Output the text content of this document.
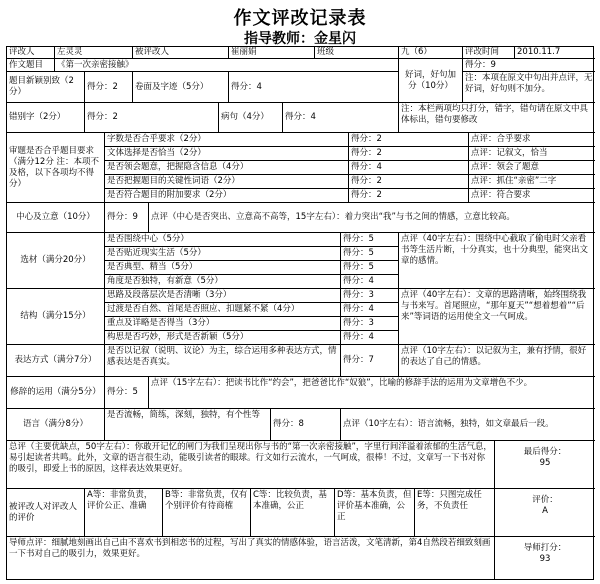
作文评改记录表
指导教师：金星闪
评改人	左灵灵	被评改人	崔丽娟	班级	九（6）	评改时间	2010.11.7
作文题目	《第一次亲密接触》
好词，好句加分（10分）
得分：9
注：本项在原文中句出并点评，无好词，好句则不加分。
题目新颖别致（2分）
得分：2	卷面及字迹（5分）	得分：4
错别字（2分）	得分：2	病句（4分）	得分：4
注：本栏两项均只打分，错字，错句请在原文中具体标出，错句要修改
审题是否合乎题目要求（满分12分 注：本项不及格，以下各项均不得分）
字数是否合乎要求（2分）	得分：2	点评：合乎要求
文体选择是否恰当（2分）	得分：2	点评：记叙文，恰当
是否领会题意，把握隐含信息（4分）	得分：4	点评：领会了题意
是否把握题目的关键性词语（2分）	得分：2	点评：抓住“亲密”二字
是否符合题目的附加要求（2分）	得分：2	点评：符合要求
中心及立意（10分）	得分：9	点评（中心是否突出、立意高不高等，15字左右）：着力突出“我”与书之间的情感，立意比较高。
选材（满分20分）
是否围绕中心（5分）	得分：5
是否贴近现实生活（5分）	得分：5
是否典型、精当（5分）	得分：5
角度是否独特，有新意（5分）	得分：4
点评（40字左右）：围绕中心截取了偷电时父亲看书等生活片断，十分真实，也十分典型，能突出文章的感情。
结构（满分15分）
思路及段落层次是否清晰（3分）	得分：3
过渡是否自然、首尾是否照应、扣题紧不紧（4分）	得分：4
重点及详略是否得当（3分）	得分：3
构思是否巧妙，形式是否新颖（5分）	得分：4
点评（40字左右）：文章的思路清晰，始终围绕我与书来写。首尾照应，“那年夏天”“想着想着”“后来”等词语的运用使全文一气呵成。
表达方式（满分7分）
是否以记叙（说明、议论）为主，综合运用多种表达方式，情感表达是否真实。	得分：7
点评（10字左右）：以记叙为主，兼有抒情，很好的表达了自己的情感。
修辞的运用（满分5分） 得分：5
点评（15字左右）：把读书比作“约会”，把爸爸比作“奴狼”，比喻的修辞手法的运用为文章增色不少。
语言（满分8分）
是否流畅，简练，深刻，独特，有个性等
得分：8	点评（10字左右）：语言流畅，独特，如文章最后一段。
总评（主要优缺点，50字左右）：你敢开记忆的闸门为我们呈现出你与书的“第一次亲密接触”，字里行间洋溢着浓郁的生活气息，易引起读者共鸣。此外，文章的语言很生动，能吸引读者的眼球。行文如行云流水，一气呵成，很棒！不过，文章写一下书对你的吸引，即爱上书的原因，这样表达效果更好。
最后得分：
95
被评改人对评改人的评价
A等：非常负责，评价公正、准确
B等：非常负责，仅有个别评价有待商榷
C等：比较负责，基本准确，公正
D等：基本负责，但评价基本准确，公正
E等：只图完成任务，不负责任
评价：
A
导师点评：细腻地刻画出自己由不喜欢书到相恋书的过程，写出了真实的情感体验，语言活泼，文笔清新，第4自然段若细致刻画一下书对自己的吸引力，效果更好。
导师打分：
93
